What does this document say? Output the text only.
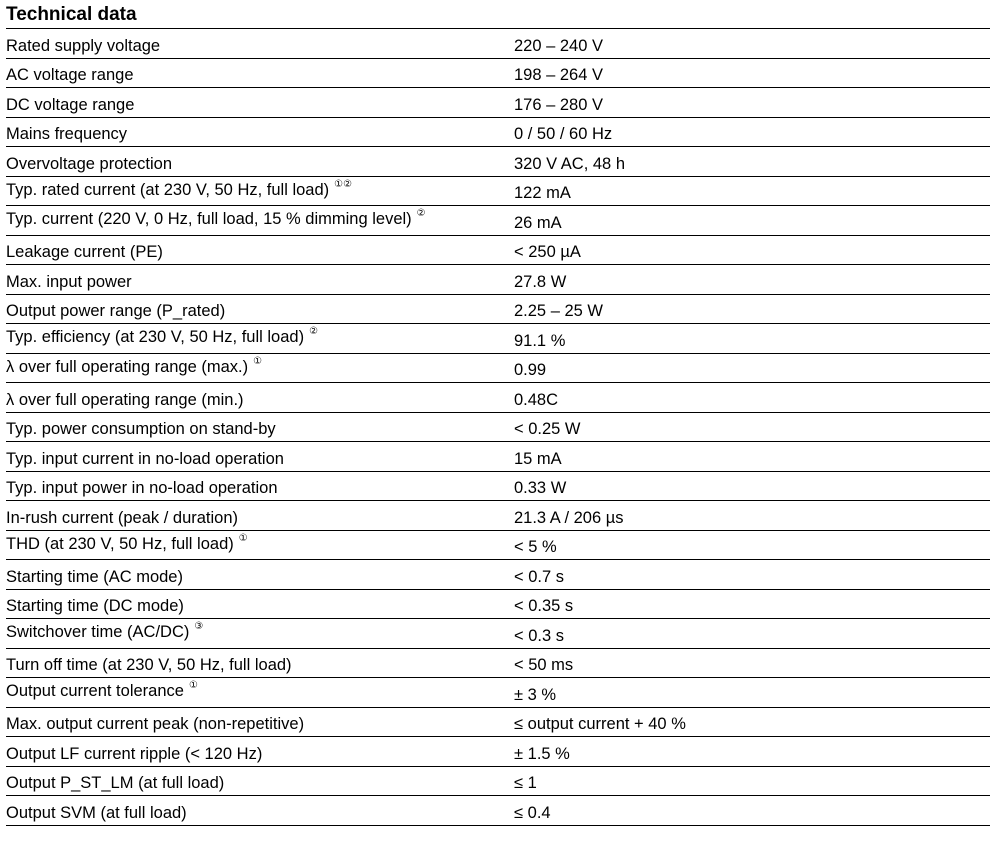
Technical data
Rated supply voltage	220 – 240 V
AC voltage range	198 – 264 V
DC voltage range	176 – 280 V
Mains frequency	0 / 50 / 60 Hz
Overvoltage protection	320 V AC, 48 h
Typ. rated current (at 230 V, 50 Hz, full load) ①②	122 mA
Typ. current (220 V, 0 Hz, full load, 15 % dimming level) ②	26 mA
Leakage current (PE)	< 250 µA
Max. input power	27.8 W
Output power range (P_rated)	2.25 – 25 W
Typ. efficiency (at 230 V, 50 Hz, full load) ②	91.1 %
λ over full operating range (max.) ①	0.99
λ over full operating range (min.)	0.48C
Typ. power consumption on stand-by	< 0.25 W
Typ. input current in no-load operation	15 mA
Typ. input power in no-load operation	0.33 W
In-rush current (peak / duration)	21.3 A / 206 µs
THD (at 230 V, 50 Hz, full load) ①	< 5 %
Starting time (AC mode)	< 0.7 s
Starting time (DC mode)	< 0.35 s
Switchover time (AC/DC) ③	< 0.3 s
Turn off time (at 230 V, 50 Hz, full load)	< 50 ms
Output current tolerance ①	± 3 %
Max. output current peak (non-repetitive)	≤ output current + 40 %
Output LF current ripple (< 120 Hz)	± 1.5 %
Output P_ST_LM (at full load)	≤ 1
Output SVM (at full load)	≤ 0.4
